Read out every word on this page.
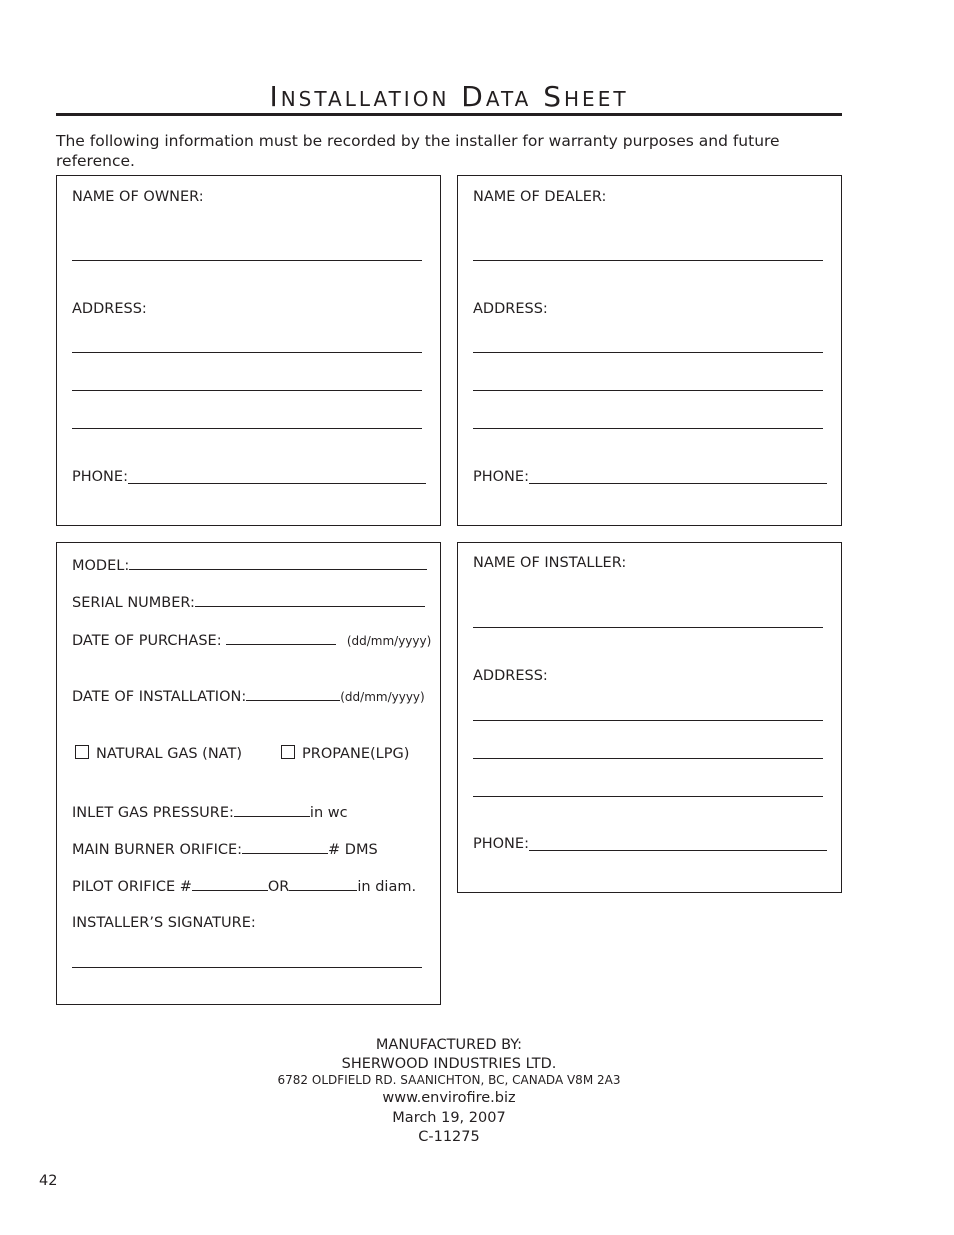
Installation Data Sheet
The following information must be recorded by the installer for warranty purposes and future reference.
NAME OF OWNER:
ADDRESS:
PHONE:
NAME OF DEALER:
ADDRESS:
PHONE:
MODEL:
SERIAL NUMBER:
DATE OF PURCHASE:	(dd/mm/yyyy)
DATE OF INSTALLATION:	(dd/mm/yyyy)
NATURAL GAS (NAT)	PROPANE(LPG)
INLET GAS PRESSURE:	in wc
MAIN BURNER ORIFICE:	# DMS
PILOT ORIFICE #	OR	in diam.
INSTALLER’S SIGNATURE:
NAME OF INSTALLER:
ADDRESS:
PHONE:
MANUFACTURED BY:
SHERWOOD INDUSTRIES LTD.
6782 OLDFIELD RD. SAANICHTON, BC, CANADA V8M 2A3
www.envirofire.biz
March 19, 2007
C-11275
42
